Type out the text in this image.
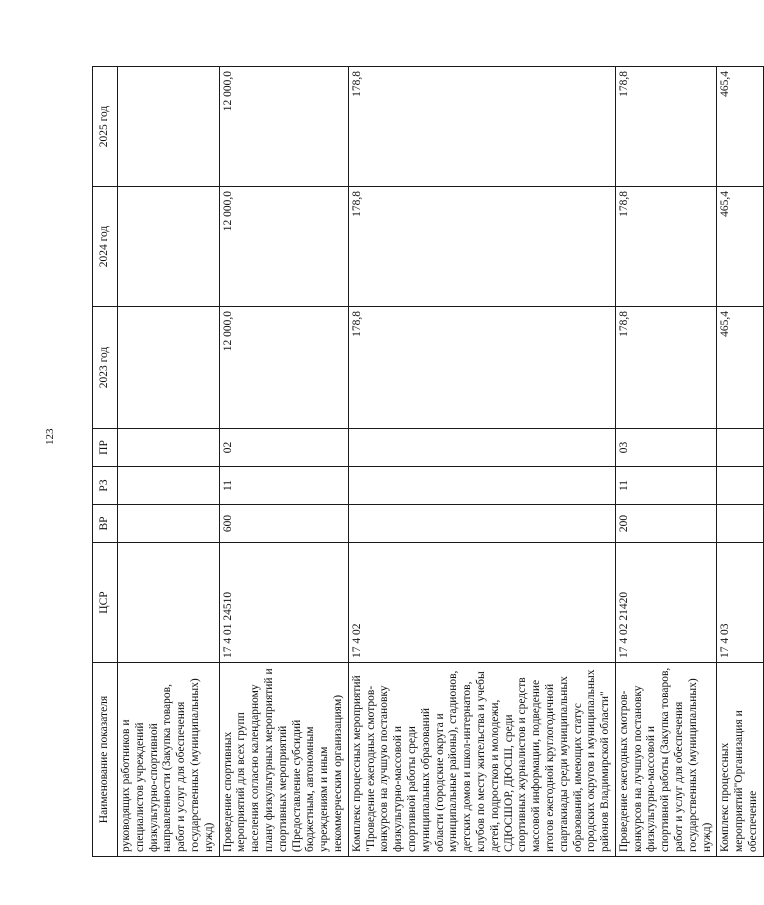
123
Наименование показателя	ЦСР	ВР	РЗ	ПР	2023 год	2024 год	2025 год
руководящих работников и специалистов учреждений физкультурно-спортивной направленности (Закупка товаров, работ и услуг для обеспечения государственных (муниципальных) нужд)							
Проведение спортивных мероприятий для всех групп населения согласно календарному плану физкультурных мероприятий и спортивных мероприятий (Предоставление субсидий бюджетным, автономным учреждениям и иным некоммерческим организациям)	17 4 01 24510	600	11	02	12 000,0	12 000,0	12 000,0
Комплекс процессных мероприятий "Проведение ежегодных смотров-конкурсов на лучшую постановку физкультурно-массовой и спортивной работы среди муниципальных образований области (городские округа и муниципальные районы), стадионов, детских домов и школ-интернатов, клубов по месту жительства и учебы детей, подростков и молодежи, СДЮСШОР, ДЮСШ, среди спортивных журналистов и средств массовой информации, подведение итогов ежегодной круглогодичной спартакиады среди муниципальных образований, имеющих статус городских округов и муниципальных районов Владимирской области"	17 4 02				178,8	178,8	178,8
Проведение ежегодных смотров-конкурсов на лучшую постановку физкультурно-массовой и спортивной работы (Закупка товаров, работ и услуг для обеспечения государственных (муниципальных) нужд)	17 4 02 21420	200	11	03	178,8	178,8	178,8
Комплекс процессных мероприятий"Организация и обеспечение	17 4 03				465,4	465,4	465,4
